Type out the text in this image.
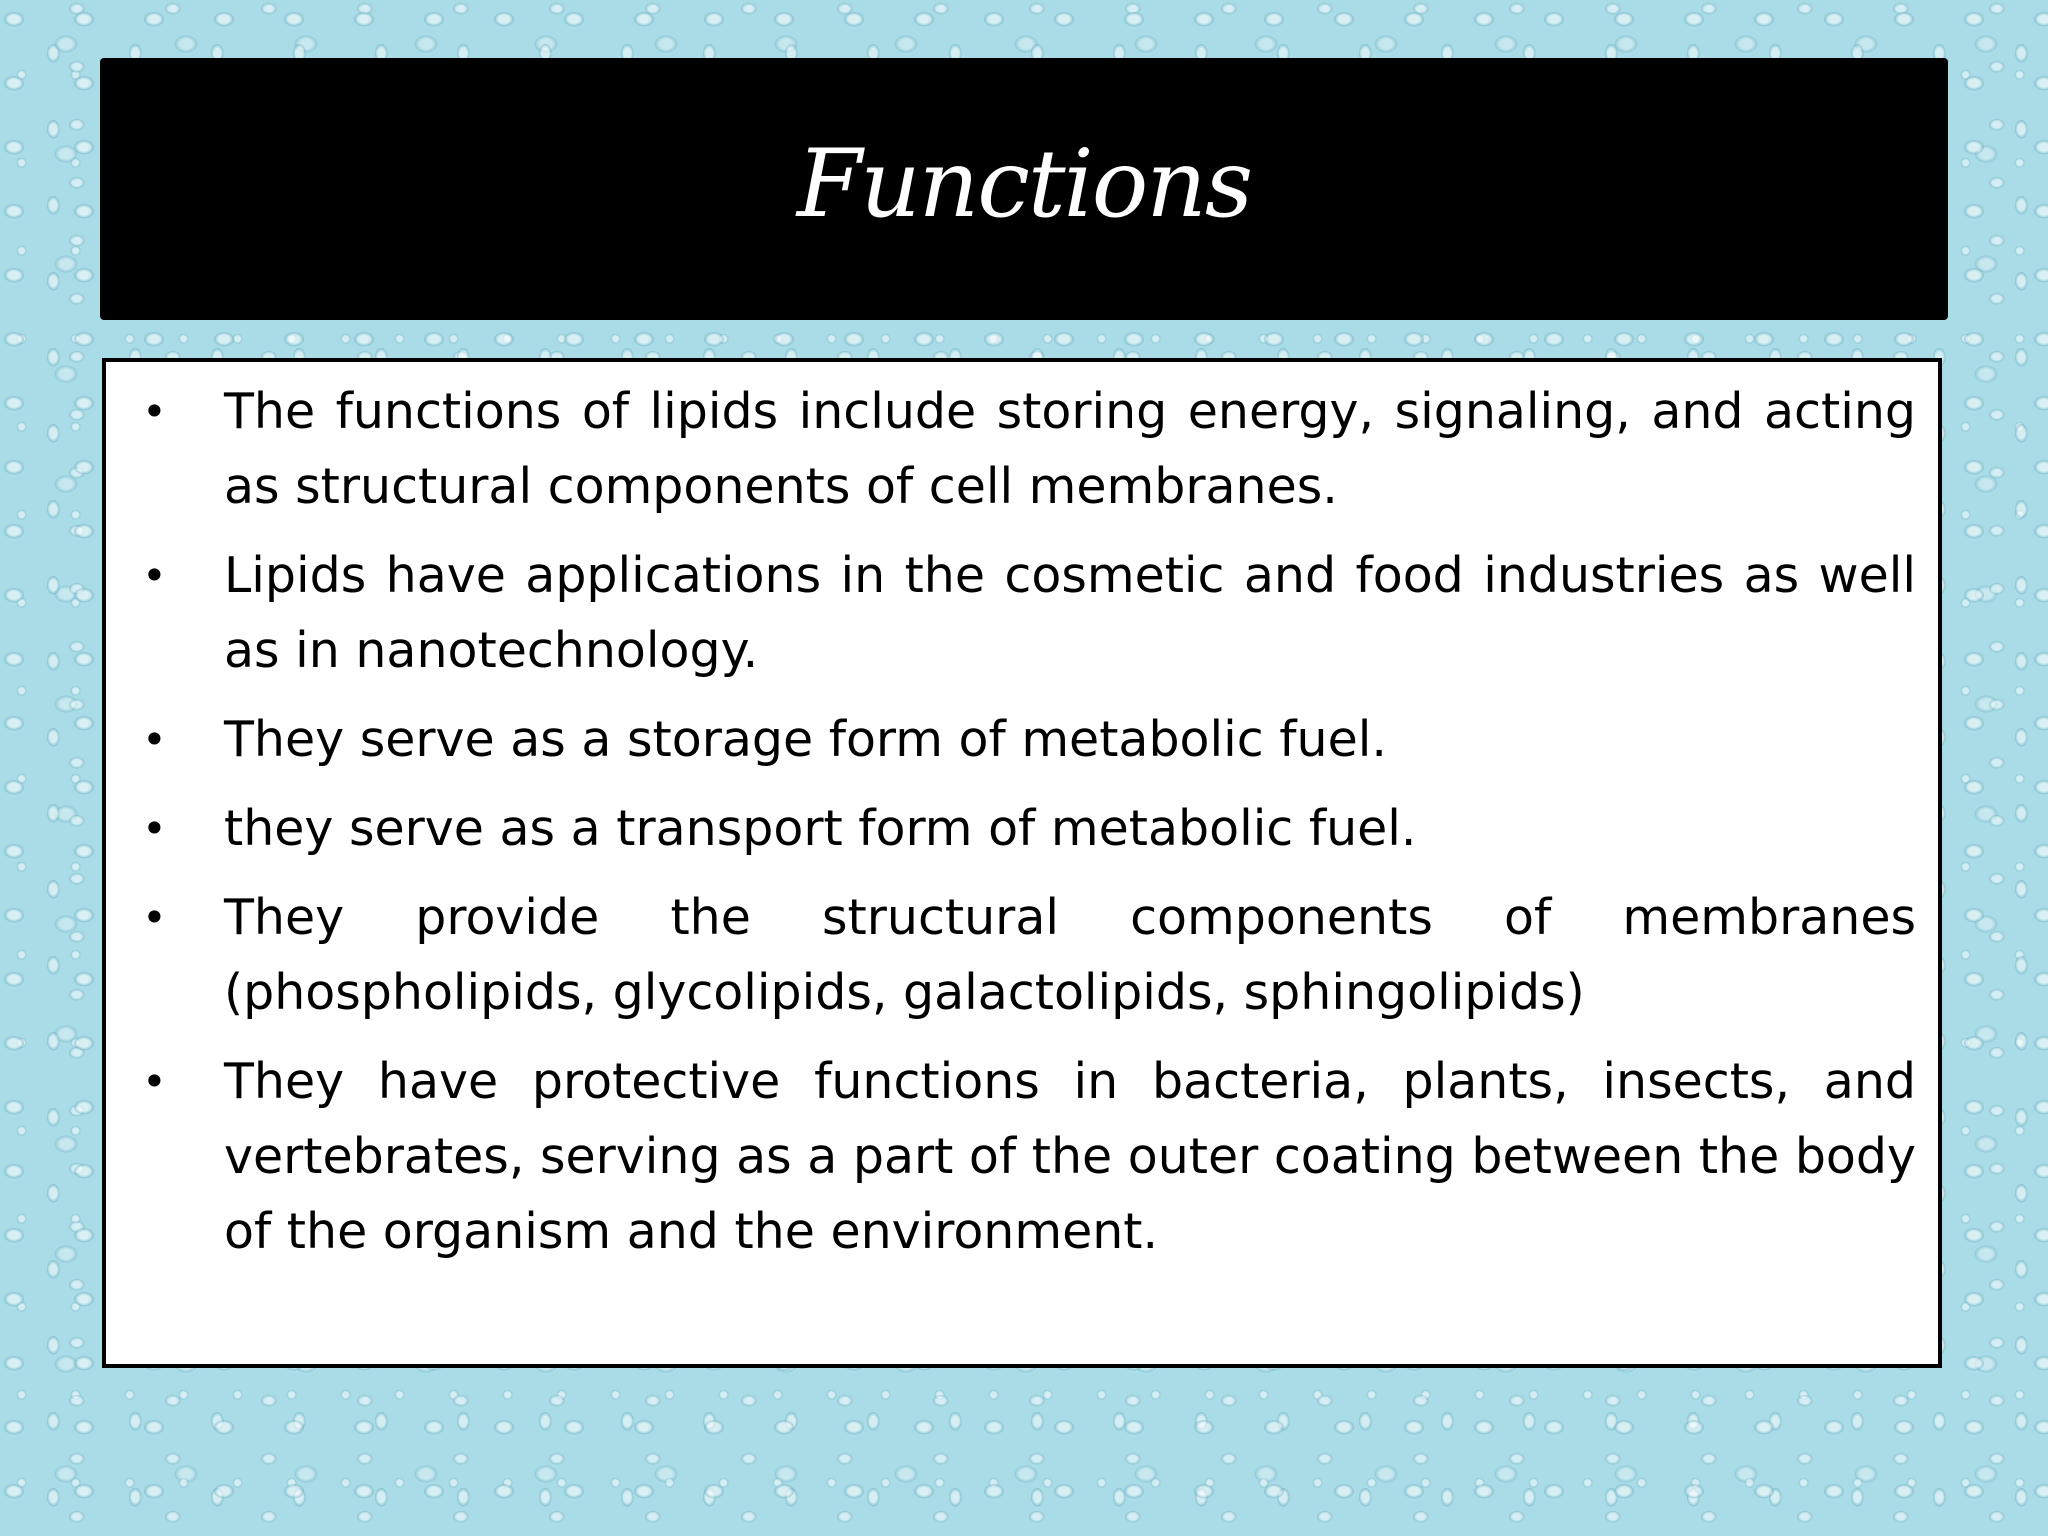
Functions
• The functions of lipids include storing energy, signaling, and acting as structural components of cell membranes.
• Lipids have applications in the cosmetic and food industries as well as in nanotechnology.
• They serve as a storage form of metabolic fuel.
• they serve as a transport form of metabolic fuel.
• They provide the structural components of membranes (phospholipids, glycolipids, galactolipids, sphingolipids)
• They have protective functions in bacteria, plants, insects, and vertebrates, serving as a part of the outer coating between the body of the organism and the environment.
